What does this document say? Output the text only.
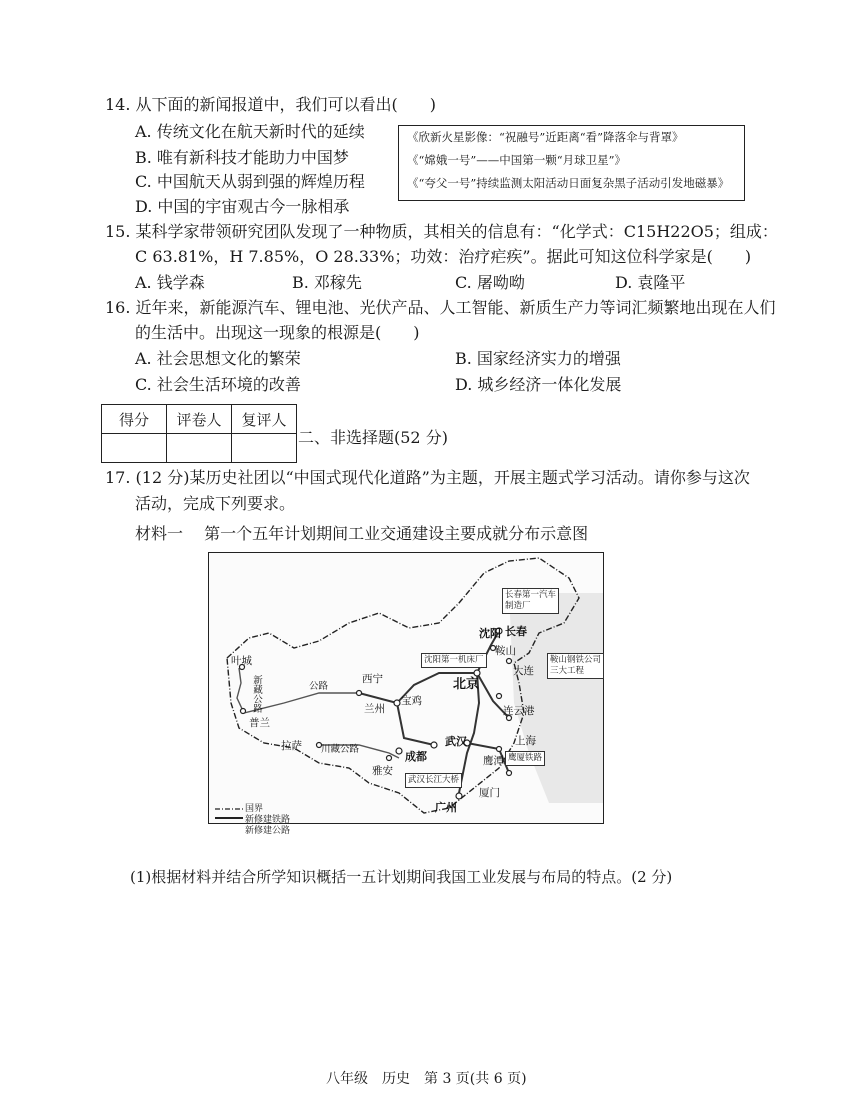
14. 从下面的新闻报道中，我们可以看出(　　)
A. 传统文化在航天新时代的延续
B. 唯有新科技才能助力中国梦
C. 中国航天从弱到强的辉煌历程
D. 中国的宇宙观古今一脉相承
《欣新火星影像：“祝融号”近距离“看”降落伞与背罩》
《“嫦娥一号”——中国第一颗“月球卫星”》
《“夸父一号”持续监测太阳活动日面复杂黑子活动引发地磁暴》
15. 某科学家带领研究团队发现了一种物质，其相关的信息有：“化学式：C15H22O5；组成：
C 63.81%，H 7.85%，O 28.33%；功效：治疗疟疾”。据此可知这位科学家是(　　)
A. 钱学森	B. 邓稼先	C. 屠呦呦	D. 袁隆平
16. 近年来，新能源汽车、锂电池、光伏产品、人工智能、新质生产力等词汇频繁地出现在人们
的生活中。出现这一现象的根源是(　　)
A. 社会思想文化的繁荣	B. 国家经济实力的增强
C. 社会生活环境的改善	D. 城乡经济一体化发展
得分	评卷人	复评人

二、非选择题(52 分)
17. (12 分)某历史社团以“中国式现代化道路”为主题，开展主题式学习活动。请你参与这次
活动，完成下列要求。
材料一　 第一个五年计划期间工业交通建设主要成就分布示意图
叶城
普兰
西宁
兰州
宝鸡
拉萨
雅安
成都
武汉
北京
沈阳 长春
鞍山
大连
连云港
上海
鹰潭
厦门
广州
新藏公路	公路
川藏公路
长春第一汽车
制造厂
沈阳第一机床厂	鞍山钢铁公司
三大工程
鹰厦铁路
武汉长江大桥
国界
新修建铁路
新修建公路
(1)根据材料并结合所学知识概括一五计划期间我国工业发展与布局的特点。(2 分)
八年级　历史　第 3 页(共 6 页)
